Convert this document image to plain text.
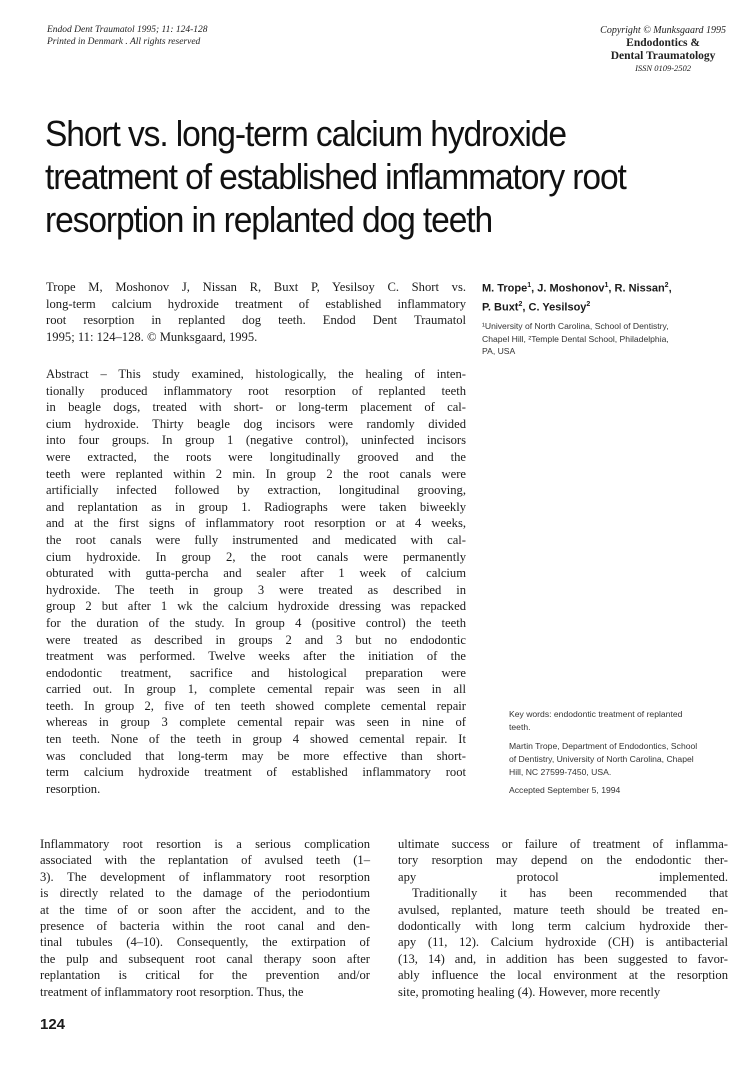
Endod Dent Traumatol 1995; 11: 124-128
Printed in Denmark . All rights reserved
Copyright © Munksgaard 1995
Endodontics &
Dental Traumatology
ISSN 0109-2502
Short vs. long-term calcium hydroxide
treatment of established inflammatory root
resorption in replanted dog teeth
Trope M, Moshonov J, Nissan R, Buxt P, Yesilsoy C. Short vs.
long-term calcium hydroxide treatment of established inflammatory
root resorption in replanted dog teeth. Endod Dent Traumatol
1995; 11: 124–128. © Munksgaard, 1995.
Abstract – This study examined, histologically, the healing of inten-
tionally produced inflammatory root resorption of replanted teeth
in beagle dogs, treated with short- or long-term placement of cal-
cium hydroxide. Thirty beagle dog incisors were randomly divided
into four groups. In group 1 (negative control), uninfected incisors
were extracted, the roots were longitudinally grooved and the
teeth were replanted within 2 min. In group 2 the root canals were
artificially infected followed by extraction, longitudinal grooving,
and replantation as in group 1. Radiographs were taken biweekly
and at the first signs of inflammatory root resorption or at 4 weeks,
the root canals were fully instrumented and medicated with cal-
cium hydroxide. In group 2, the root canals were permanently
obturated with gutta-percha and sealer after 1 week of calcium
hydroxide. The teeth in group 3 were treated as described in
group 2 but after 1 wk the calcium hydroxide dressing was repacked
for the duration of the study. In group 4 (positive control) the teeth
were treated as described in groups 2 and 3 but no endodontic
treatment was performed. Twelve weeks after the initiation of the
endodontic treatment, sacrifice and histological preparation were
carried out. In group 1, complete cemental repair was seen in all
teeth. In group 2, five of ten teeth showed complete cemental repair
whereas in group 3 complete cemental repair was seen in nine of
ten teeth. None of the teeth in group 4 showed cemental repair. It
was concluded that long-term may be more effective than short-
term calcium hydroxide treatment of established inflammatory root
resorption.
M. Trope$^1$, J. Moshonov$^1$, R. Nissan$^2$,
P. Buxt$^2$, C. Yesilsoy$^2$
¹University of North Carolina, School of Dentistry,
Chapel Hill, ²Temple Dental School, Philadelphia,
PA, USA
Key words: endodontic treatment of replanted
teeth.
Martin Trope, Department of Endodontics, School
of Dentistry, University of North Carolina, Chapel
Hill, NC 27599-7450, USA.
Accepted September 5, 1994
Inflammatory root resortion is a serious complication
associated with the replantation of avulsed teeth (1–
3). The development of inflammatory root resorption
is directly related to the damage of the periodontium
at the time of or soon after the accident, and to the
presence of bacteria within the root canal and den-
tinal tubules (4–10). Consequently, the extirpation of
the pulp and subsequent root canal therapy soon after
replantation is critical for the prevention and/or
treatment of inflammatory root resorption. Thus, the
ultimate success or failure of treatment of inflamma-
tory resorption may depend on the endodontic ther-
apy protocol implemented.
Traditionally it has been recommended that
avulsed, replanted, mature teeth should be treated en-
dodontically with long term calcium hydroxide ther-
apy (11, 12). Calcium hydroxide (CH) is antibacterial
(13, 14) and, in addition has been suggested to favor-
ably influence the local environment at the resorption
site, promoting healing (4). However, more recently
124
